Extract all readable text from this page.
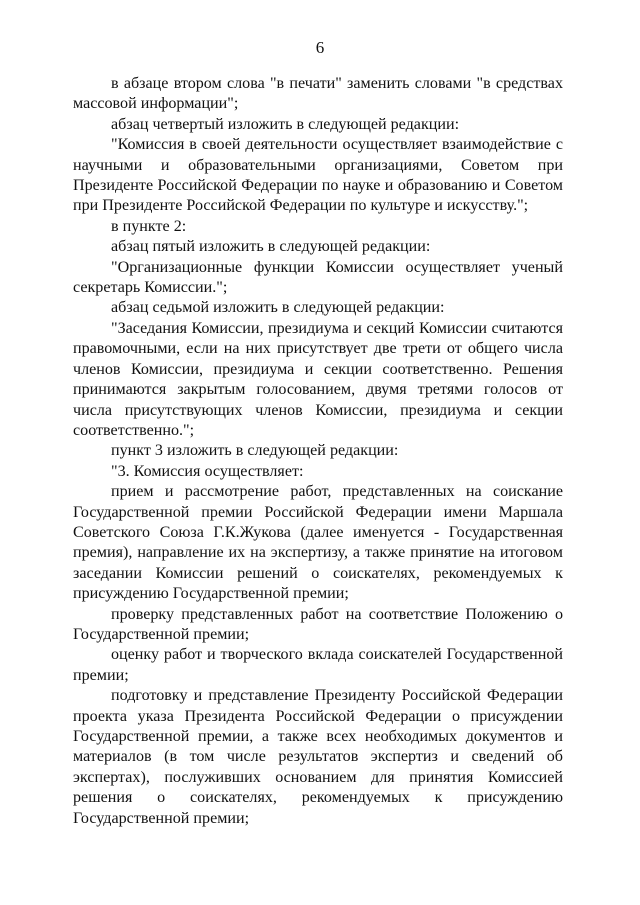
6

в абзаце втором слова "в печати" заменить словами "в средствах массовой информации";

абзац четвертый изложить в следующей редакции:

"Комиссия в своей деятельности осуществляет взаимодействие с научными и образовательными организациями, Советом при Президенте Российской Федерации по науке и образованию и Советом при Президенте Российской Федерации по культуре и искусству.";

в пункте 2:

абзац пятый изложить в следующей редакции:

"Организационные функции Комиссии осуществляет ученый секретарь Комиссии.";

абзац седьмой изложить в следующей редакции:

"Заседания Комиссии, президиума и секций Комиссии считаются правомочными, если на них присутствует две трети от общего числа членов Комиссии, президиума и секции соответственно. Решения принимаются закрытым голосованием, двумя третями голосов от числа присутствующих членов Комиссии, президиума и секции соответственно.";

пункт 3 изложить в следующей редакции:

"3. Комиссия осуществляет:

прием и рассмотрение работ, представленных на соискание Государственной премии Российской Федерации имени Маршала Советского Союза Г.К.Жукова (далее именуется - Государственная премия), направление их на экспертизу, а также принятие на итоговом заседании Комиссии решений о соискателях, рекомендуемых к присуждению Государственной премии;

проверку представленных работ на соответствие Положению о Государственной премии;

оценку работ и творческого вклада соискателей Государственной премии;

подготовку и представление Президенту Российской Федерации проекта указа Президента Российской Федерации о присуждении Государственной премии, а также всех необходимых документов и материалов (в том числе результатов экспертиз и сведений об экспертах), послуживших основанием для принятия Комиссией решения о соискателях, рекомендуемых к присуждению Государственной премии;
